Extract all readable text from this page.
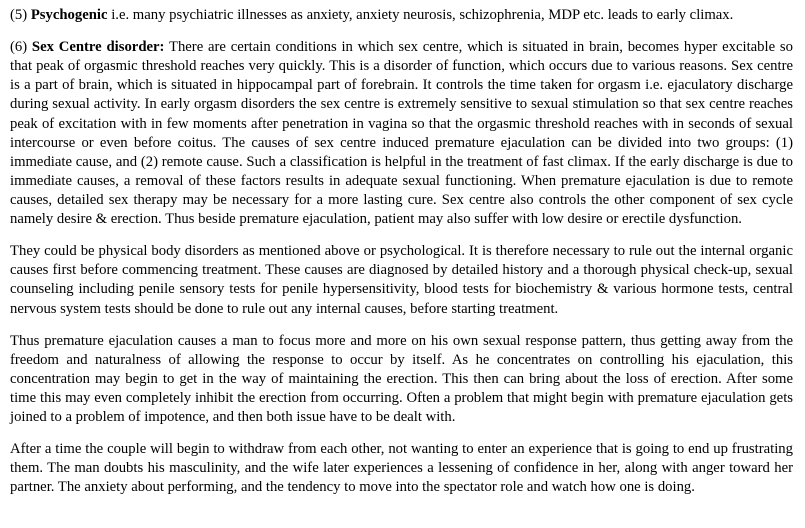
(5) Psychogenic i.e. many psychiatric illnesses as anxiety, anxiety neurosis, schizophrenia, MDP etc. leads to early climax.

(6) Sex Centre disorder: There are certain conditions in which sex centre, which is situated in brain, becomes hyper excitable so that peak of orgasmic threshold reaches very quickly. This is a disorder of function, which occurs due to various reasons. Sex centre is a part of brain, which is situated in hippocampal part of forebrain. It controls the time taken for orgasm i.e. ejaculatory discharge during sexual activity. In early orgasm disorders the sex centre is extremely sensitive to sexual stimulation so that sex centre reaches peak of excitation with in few moments after penetration in vagina so that the orgasmic threshold reaches with in seconds of sexual intercourse or even before coitus. The causes of sex centre induced premature ejaculation can be divided into two groups: (1) immediate cause, and (2) remote cause. Such a classification is helpful in the treatment of fast climax. If the early discharge is due to immediate causes, a removal of these factors results in adequate sexual functioning. When premature ejaculation is due to remote causes, detailed sex therapy may be necessary for a more lasting cure. Sex centre also controls the other component of sex cycle namely desire & erection. Thus beside premature ejaculation, patient may also suffer with low desire or erectile dysfunction.

They could be physical body disorders as mentioned above or psychological. It is therefore necessary to rule out the internal organic causes first before commencing treatment. These causes are diagnosed by detailed history and a thorough physical check-up, sexual counseling including penile sensory tests for penile hypersensitivity, blood tests for biochemistry & various hormone tests, central nervous system tests should be done to rule out any internal causes, before starting treatment.

Thus premature ejaculation causes a man to focus more and more on his own sexual response pattern, thus getting away from the freedom and naturalness of allowing the response to occur by itself. As he concentrates on controlling his ejaculation, this concentration may begin to get in the way of maintaining the erection. This then can bring about the loss of erection. After some time this may even completely inhibit the erection from occurring. Often a problem that might begin with premature ejaculation gets joined to a problem of impotence, and then both issue have to be dealt with.

After a time the couple will begin to withdraw from each other, not wanting to enter an experience that is going to end up frustrating them. The man doubts his masculinity, and the wife later experiences a lessening of confidence in her, along with anger toward her partner. The anxiety about performing, and the tendency to move into the spectator role and watch how one is doing.
